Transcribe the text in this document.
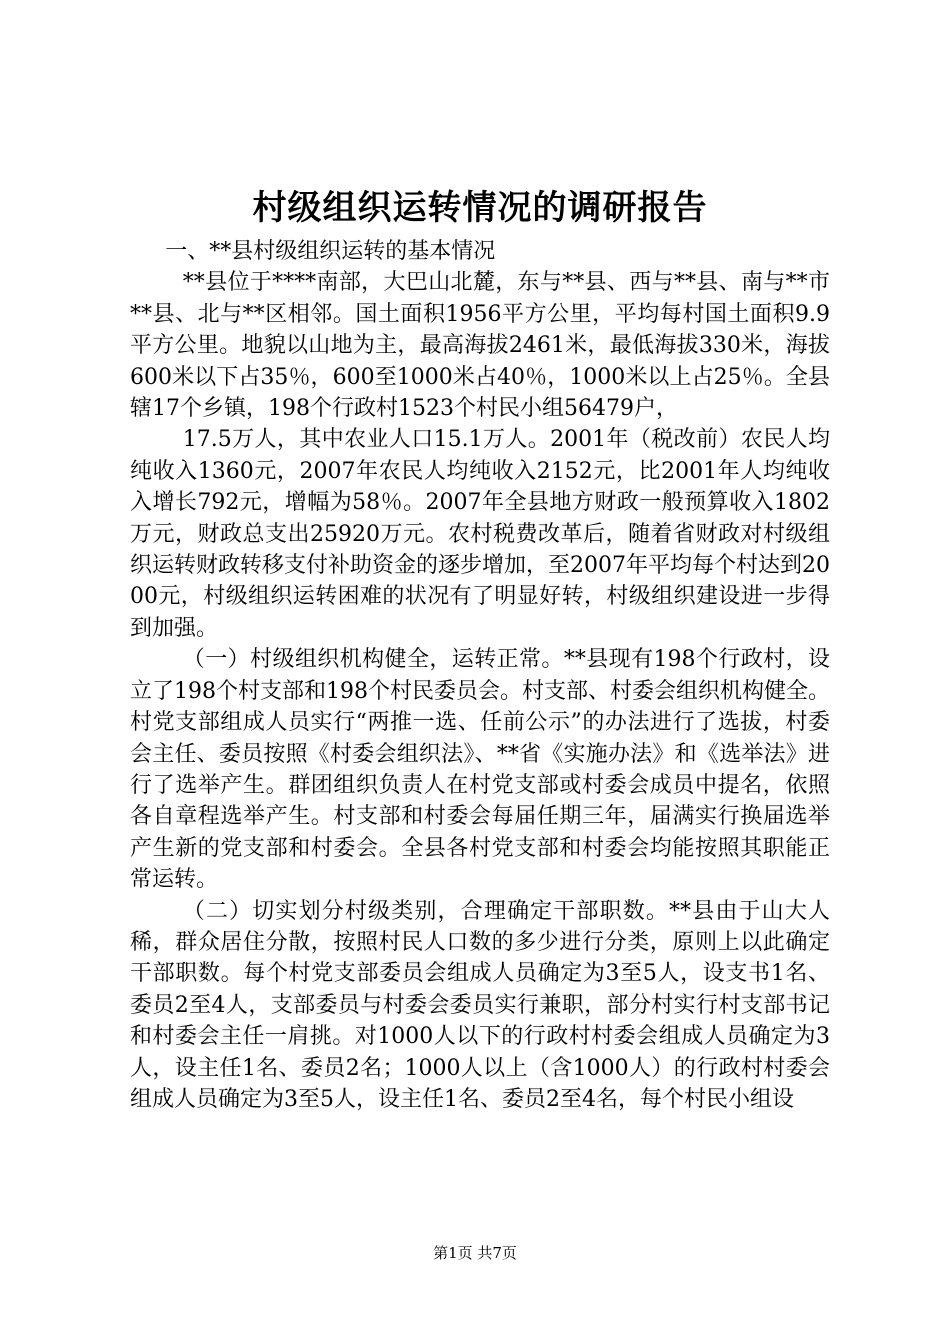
村级组织运转情况的调研报告

一、**县村级组织运转的基本情况

**县位于****南部，大巴山北麓，东与**县、西与**县、南与**市**县、北与**区相邻。国土面积1956平方公里，平均每村国土面积9.9平方公里。地貌以山地为主，最高海拔2461米，最低海拔330米，海拔600米以下占35％，600至1000米占40％，1000米以上占25％。全县辖17个乡镇，198个行政村1523个村民小组56479户，

17.5万人，其中农业人口15.1万人。2001年（税改前）农民人均纯收入1360元，2007年农民人均纯收入2152元，比2001年人均纯收入增长792元，增幅为58％。2007年全县地方财政一般预算收入1802万元，财政总支出25920万元。农村税费改革后，随着省财政对村级组织运转财政转移支付补助资金的逐步增加，至2007年平均每个村达到2000元，村级组织运转困难的状况有了明显好转，村级组织建设进一步得到加强。

（一）村级组织机构健全，运转正常。**县现有198个行政村，设立了198个村支部和198个村民委员会。村支部、村委会组织机构健全。村党支部组成人员实行“两推一选、任前公示”的办法进行了选拔，村委会主任、委员按照《村委会组织法》、**省《实施办法》和《选举法》进行了选举产生。群团组织负责人在村党支部或村委会成员中提名，依照各自章程选举产生。村支部和村委会每届任期三年，届满实行换届选举产生新的党支部和村委会。全县各村党支部和村委会均能按照其职能正常运转。

（二）切实划分村级类别，合理确定干部职数。**县由于山大人稀，群众居住分散，按照村民人口数的多少进行分类，原则上以此确定干部职数。每个村党支部委员会组成人员确定为3至5人，设支书1名、委员2至4人，支部委员与村委会委员实行兼职，部分村实行村支部书记和村委会主任一肩挑。对1000人以下的行政村村委会组成人员确定为3人，设主任1名、委员2名；1000人以上（含1000人）的行政村村委会组成人员确定为3至5人，设主任1名、委员2至4名，每个村民小组设

第1页 共7页
